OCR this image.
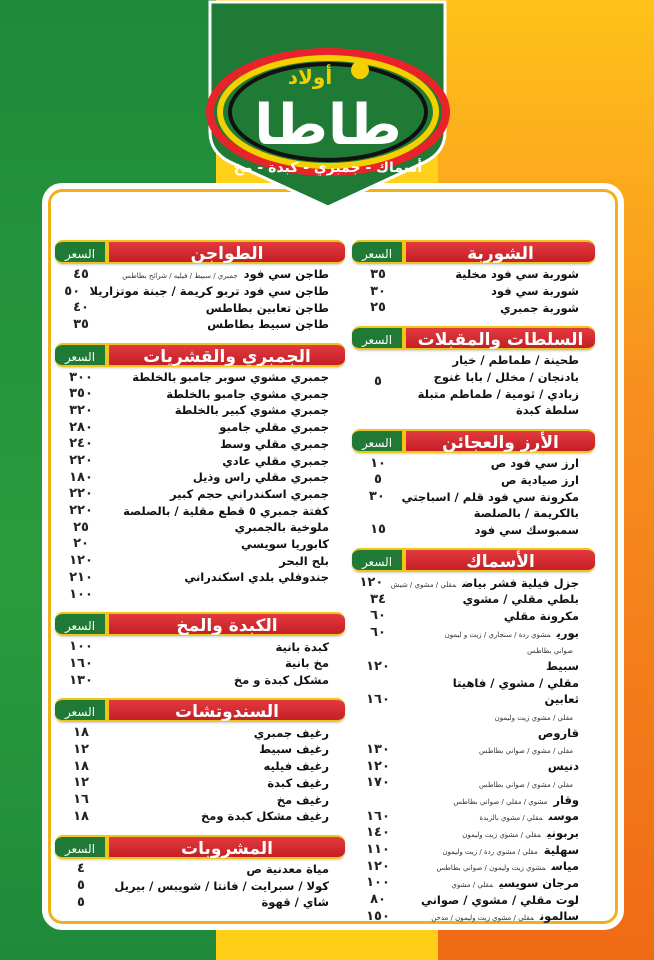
أولاد
طاطا
أسماك - جمبري - كبدة - مخ
الطواجن
السعر
طاجن سي فودجمبري / سبيط / فيليه / شرائح بطاطس
٤٥
طاجن سي فود تربو كريمة / جبنة موتزاريلا
٥٠
طاجن تعابين بطاطس
٤٠
طاجن سبيط بطاطس
٣٥
الجمبري والقشريات
السعر
جمبري مشوي سوبر جامبو بالخلطة
٣٠٠
جمبري مشوي جامبو بالخلطة
٣٥٠
جمبري مشوي كبير بالخلطة
٣٢٠
جمبري مقلي جامبو
٢٨٠
جمبري مقلي وسط
٢٤٠
جمبري مقلي عادي
٢٢٠
جمبري مقلي راس وذيل
١٨٠
جمبري اسكندراني حجم كبير
٢٢٠
كفتة جمبري ٥ قطع مقلية / بالصلصة
٢٢٠
ملوخية بالجمبري
٢٥
كابوريا سويسي
٢٠
بلح البحر
١٢٠
جندوفلي بلدي اسكندراني
٢١٠
١٠٠
الكبدة والمخ
السعر
كبدة بانية
١٠٠
مخ بانية
١٦٠
مشكل كبدة و مخ
١٣٠
السندوتشات
السعر
رغيف جمبري
١٨
رغيف سبيط
١٢
رغيف فيليه
١٨
رغيف كبدة
١٢
رغيف مخ
١٦
رغيف مشكل كبدة ومخ
١٨
المشروبات
السعر
مياة معدنية ص
٤
كولا / سبرايت / فانتا / شويبس / بيريل
٥
شاي / قهوة
٥
الشوربة
السعر
شوربة سي فود مخلية
٣٥
شوربة سي فود
٣٠
شوربة جمبري
٢٥
السلطات والمقبلات
السعر
طحينة / طماطم / خيار
بادنجان / مخلل / بابا غنوج
زبادي / ثومية / طماطم متبلة
سلطة كبدة
٥
الأرز والعجائن
السعر
ارز سي فود ص
١٠
ارز صيادية ص
٥
مكرونة سي فود قلم / اسباجتي
٣٠
بالكريمة / بالصلصة
سمبوسك سي فود
١٥
الأسماك
السعر
جزل فيلية فشر بياضمقلي / مشوي / شيش
١٢٠
بلطي مقلي / مشوي
٣٤
مكرونة مقلي
٦٠
بوريمشوي ردة / سنجاري / زيت و ليمون
٦٠
صواني بطاطس
سبيط
١٢٠
مقلي / مشوي / فاهيتا
ثعابين
١٦٠
مقلي / مشوي زيت وليمون
قاروص
مقلي / مشوي / صواني بطاطس
١٣٠
دنيس
١٢٠
مقلي / مشوي / صواني بطاطس
١٧٠
وقارمشوي / مقلي / صواني بطاطس
موسىمقلي / مشوي بالزبدة
١٦٠
بربونيمقلي / مشوي زيت وليمون
١٤٠
سهليةمقلي / مشوي ردة / زيت وليمون
١١٠
مياسمشوي زيت وليمون / صواني بطاطس
١٢٠
مرجان سويسيمقلي / مشوي
١٠٠
لوت مقلي / مشوي / صواني
٨٠
سالمونمقلي / مشوي زيت وليمون / مدخن
١٥٠
